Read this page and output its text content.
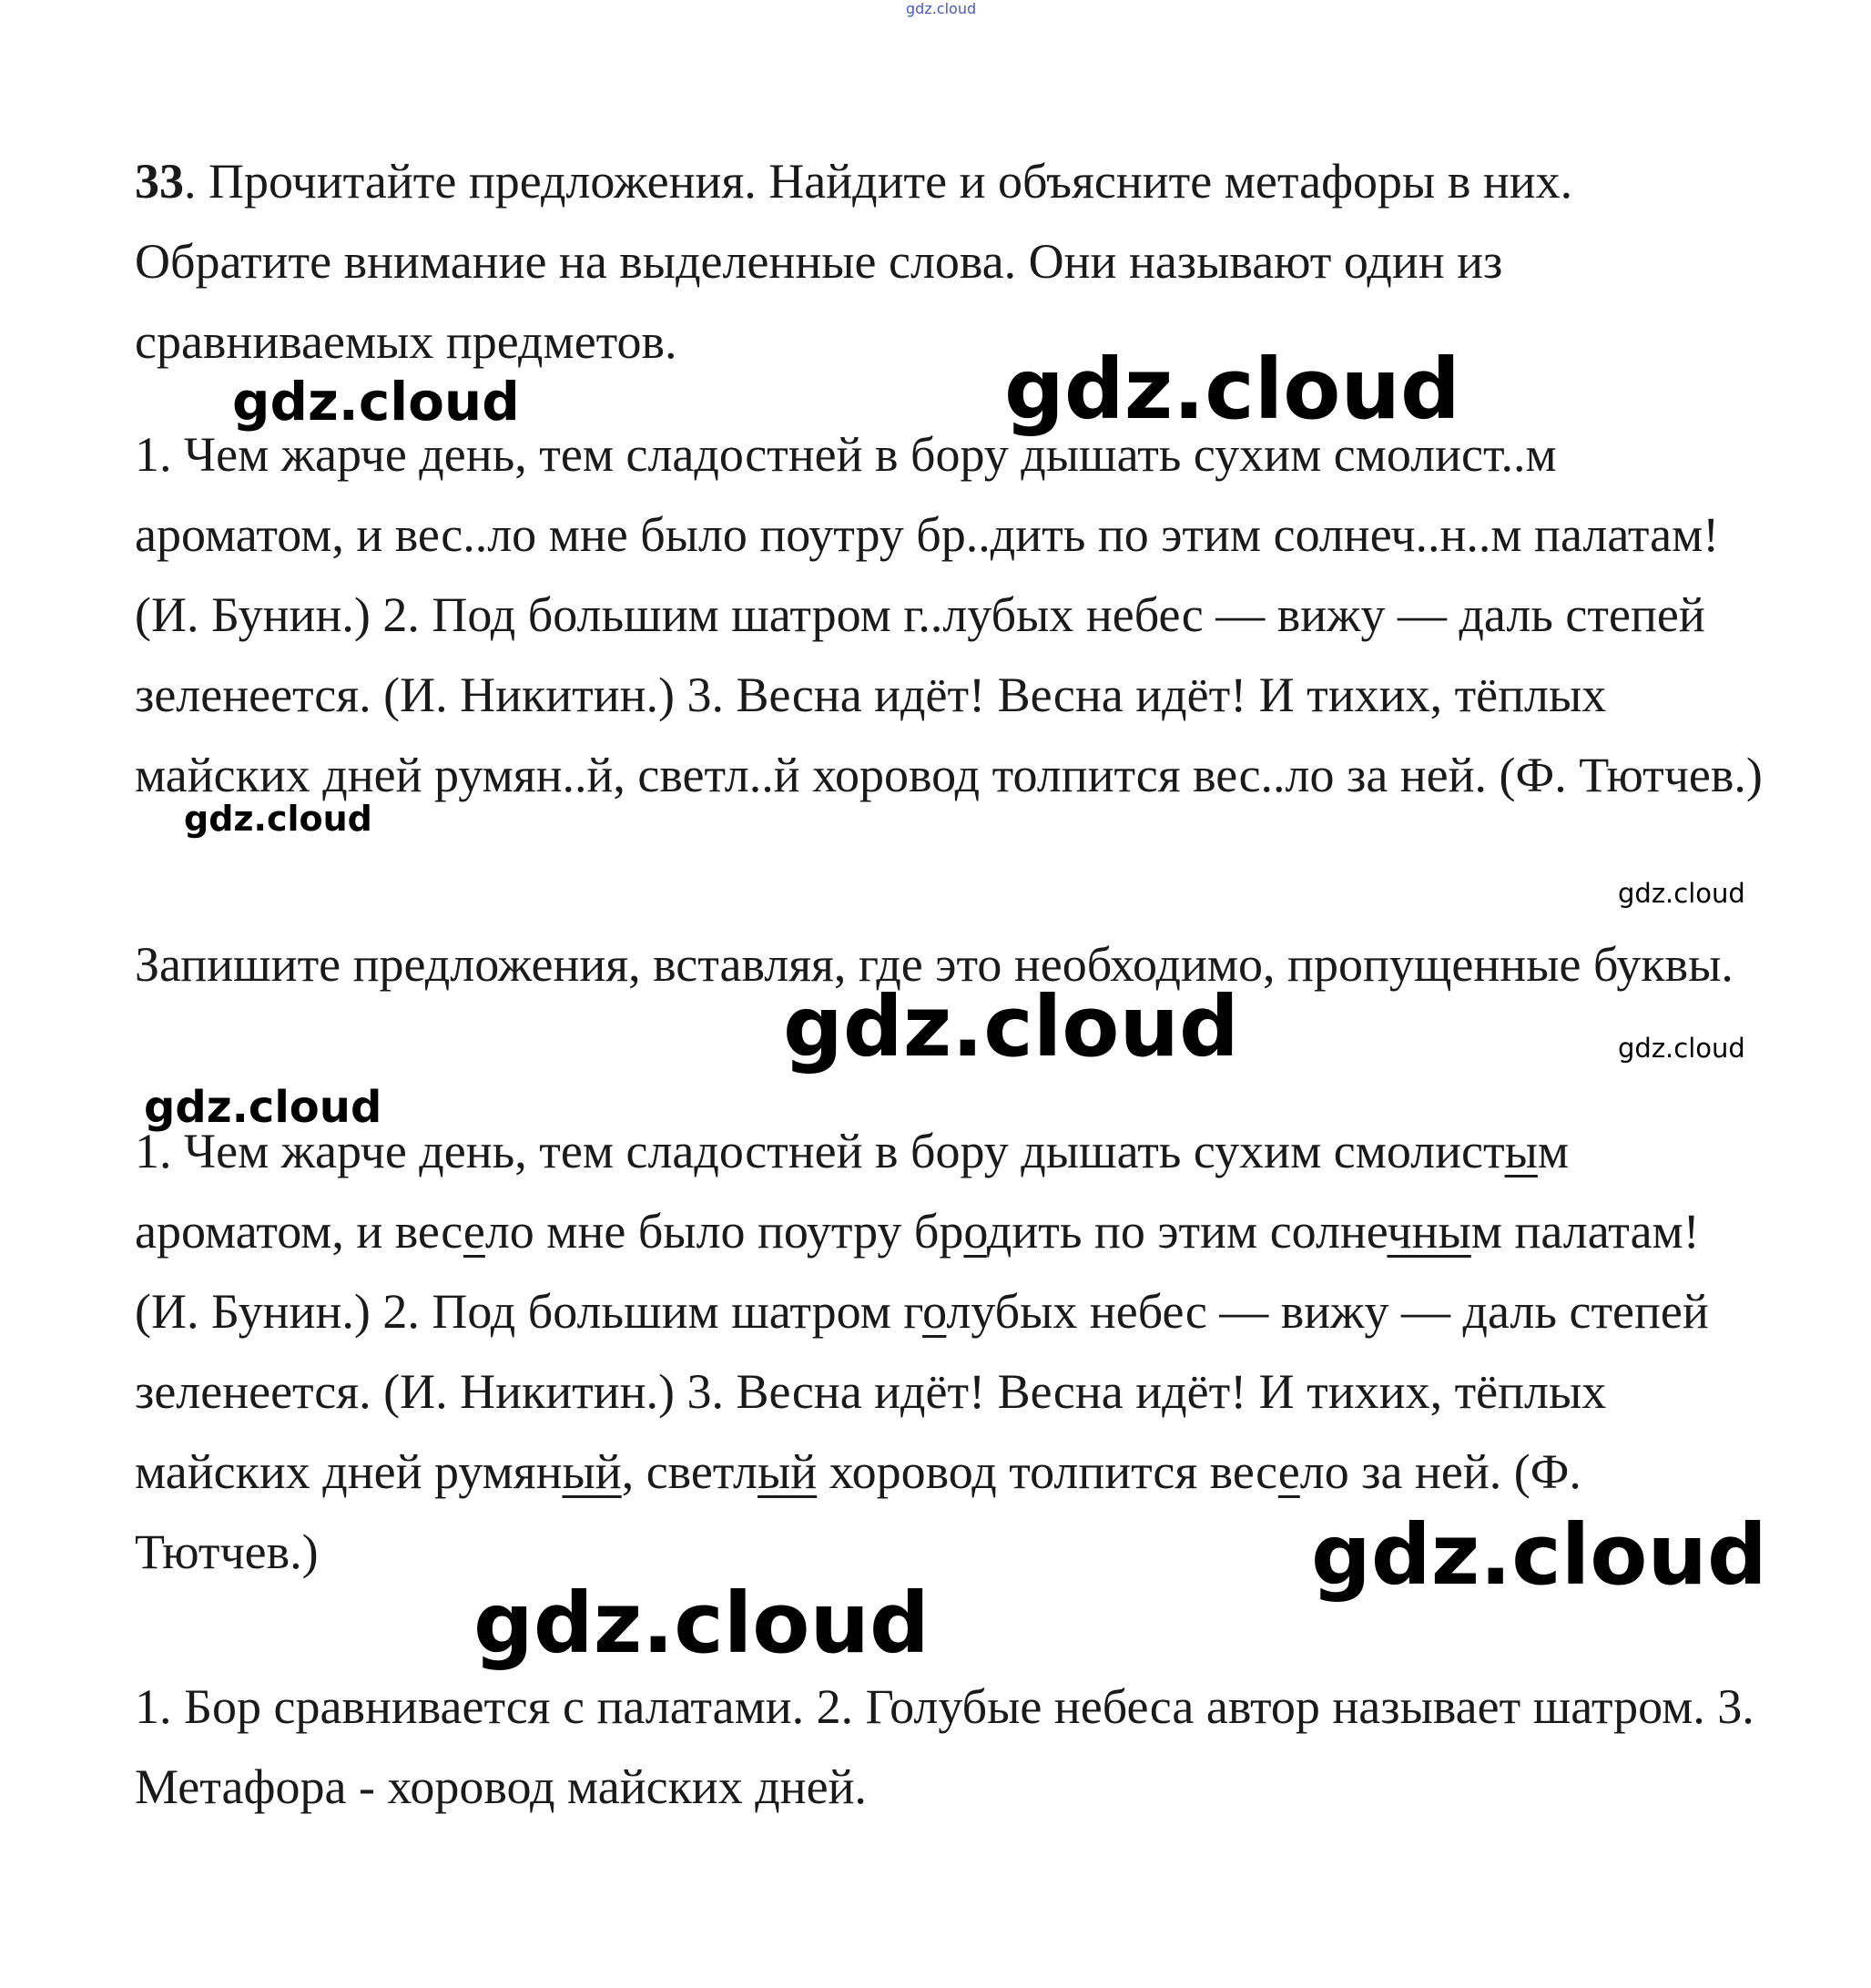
33. Прочитайте предложения. Найдите и объясните метафоры в них. Обратите внимание на выделенные слова. Они называют один из сравниваемых предметов.

1. Чем жарче день, тем сладостней в бору дышать сухим смолист..м ароматом, и вес..ло мне было поутру бр..дить по этим солнеч..н..м палатам! (И. Бунин.) 2. Под большим шатром г..лубых небес — вижу — даль степей зеленеется. (И. Никитин.) 3. Весна идёт! Весна идёт! И тихих, тёплых майских дней румян..й, светл..й хоровод толпится вес..ло за ней. (Ф. Тютчев.)

Запишите предложения, вставляя, где это необходимо, пропущенные буквы.

1. Чем жарче день, тем сладостней в бору дышать сухим смолистым ароматом, и весело мне было поутру бродить по этим солнечным палатам! (И. Бунин.) 2. Под большим шатром голубых небес — вижу — даль степей зеленеется. (И. Никитин.) 3. Весна идёт! Весна идёт! И тихих, тёплых майских дней румяный, светлый хоровод толпится весело за ней. (Ф. Тютчев.)

1. Бор сравнивается с палатами. 2. Голубые небеса автор называет шатром. 3. Метафора - хоровод майских дней.

gdz.cloud
gdz.cloud	gdz.cloud
gdz.cloud
gdz.cloud
gdz.cloud	gdz.cloud
gdz.cloud
gdz.cloud
gdz.cloud
